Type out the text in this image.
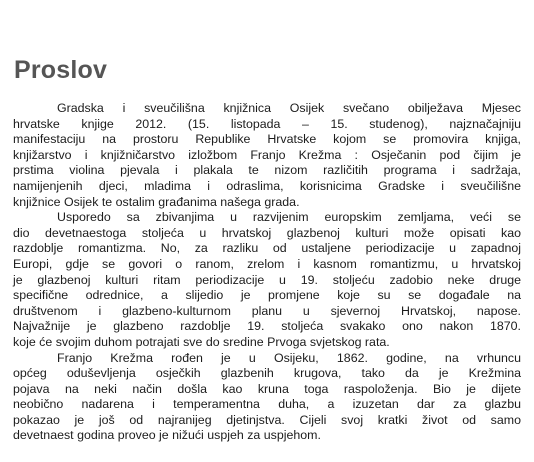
Proslov
Gradska i sveučilišna knjižnica Osijek svečano obilježava Mjesec
hrvatske knjige 2012. (15. listopada – 15. studenog), najznačajniju
manifestaciju na prostoru Republike Hrvatske kojom se promovira knjiga,
knjižarstvo i knjižničarstvo izložbom Franjo Krežma : Osječanin pod čijim je
prstima violina pjevala i plakala te nizom različitih programa i sadržaja,
namijenjenih djeci, mladima i odraslima, korisnicima Gradske i sveučilišne
knjižnice Osijek te ostalim građanima našega grada.
Usporedo sa zbivanjima u razvijenim europskim zemljama, veći se
dio devetnaestoga stoljeća u hrvatskoj glazbenoj kulturi može opisati kao
razdoblje romantizma. No, za razliku od ustaljene periodizacije u zapadnoj
Europi, gdje se govori o ranom, zrelom i kasnom romantizmu, u hrvatskoj
je glazbenoj kulturi ritam periodizacije u 19. stoljeću zadobio neke druge
specifične odrednice, a slijedio je promjene koje su se događale na
društvenom i glazbeno-kulturnom planu u sjevernoj Hrvatskoj, napose.
Najvažnije je glazbeno razdoblje 19. stoljeća svakako ono nakon 1870.
koje će svojim duhom potrajati sve do sredine Prvoga svjetskog rata.
Franjo Krežma rođen je u Osijeku, 1862. godine, na vrhuncu
općeg oduševljenja osječkih glazbenih krugova, tako da je Krežmina
pojava na neki način došla kao kruna toga raspoloženja. Bio je dijete
neobično nadarena i temperamentna duha, a izuzetan dar za glazbu
pokazao je još od najranijeg djetinjstva. Cijeli svoj kratki život od samo
devetnaest godina proveo je nižući uspjeh za uspjehom.
